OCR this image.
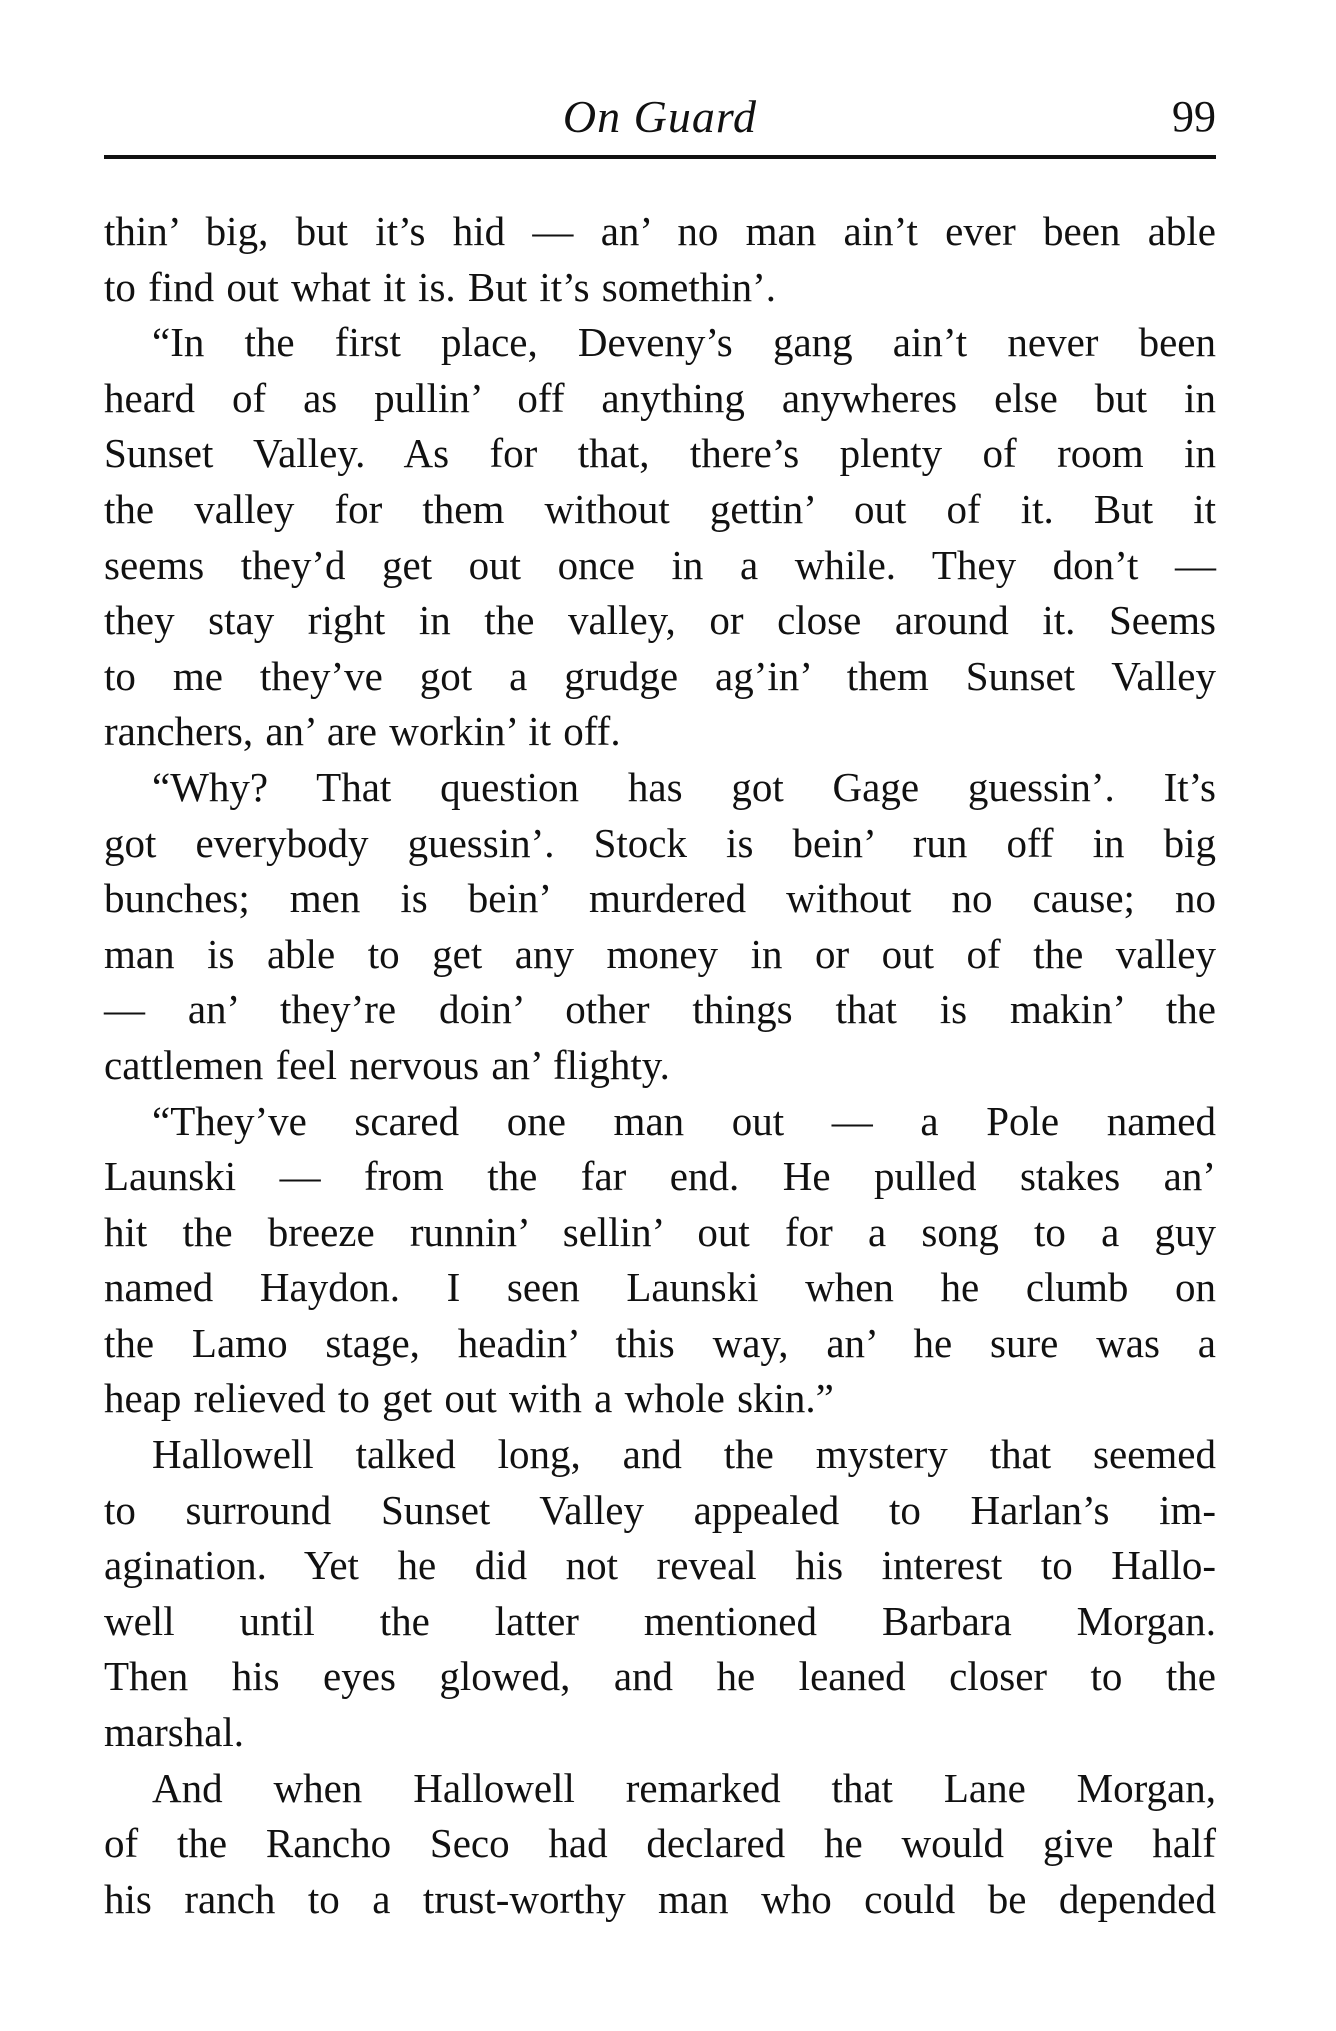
On Guard	99
thin’ big, but it’s hid — an’ no man ain’t ever been able
to find out what it is. But it’s somethin’.
“In the first place, Deveny’s gang ain’t never been
heard of as pullin’ off anything anywheres else but in
Sunset Valley. As for that, there’s plenty of room in
the valley for them without gettin’ out of it. But it
seems they’d get out once in a while. They don’t —
they stay right in the valley, or close around it. Seems
to me they’ve got a grudge ag’in’ them Sunset Valley
ranchers, an’ are workin’ it off.
“Why? That question has got Gage guessin’. It’s
got everybody guessin’. Stock is bein’ run off in big
bunches; men is bein’ murdered without no cause; no
man is able to get any money in or out of the valley
— an’ they’re doin’ other things that is makin’ the
cattlemen feel nervous an’ flighty.
“They’ve scared one man out — a Pole named
Launski — from the far end. He pulled stakes an’
hit the breeze runnin’ sellin’ out for a song to a guy
named Haydon. I seen Launski when he clumb on
the Lamo stage, headin’ this way, an’ he sure was a
heap relieved to get out with a whole skin.”
Hallowell talked long, and the mystery that seemed
to surround Sunset Valley appealed to Harlan’s im-
agination. Yet he did not reveal his interest to Hallo-
well until the latter mentioned Barbara Morgan.
Then his eyes glowed, and he leaned closer to the
marshal.
And when Hallowell remarked that Lane Morgan,
of the Rancho Seco had declared he would give half
his ranch to a trust-worthy man who could be depended
